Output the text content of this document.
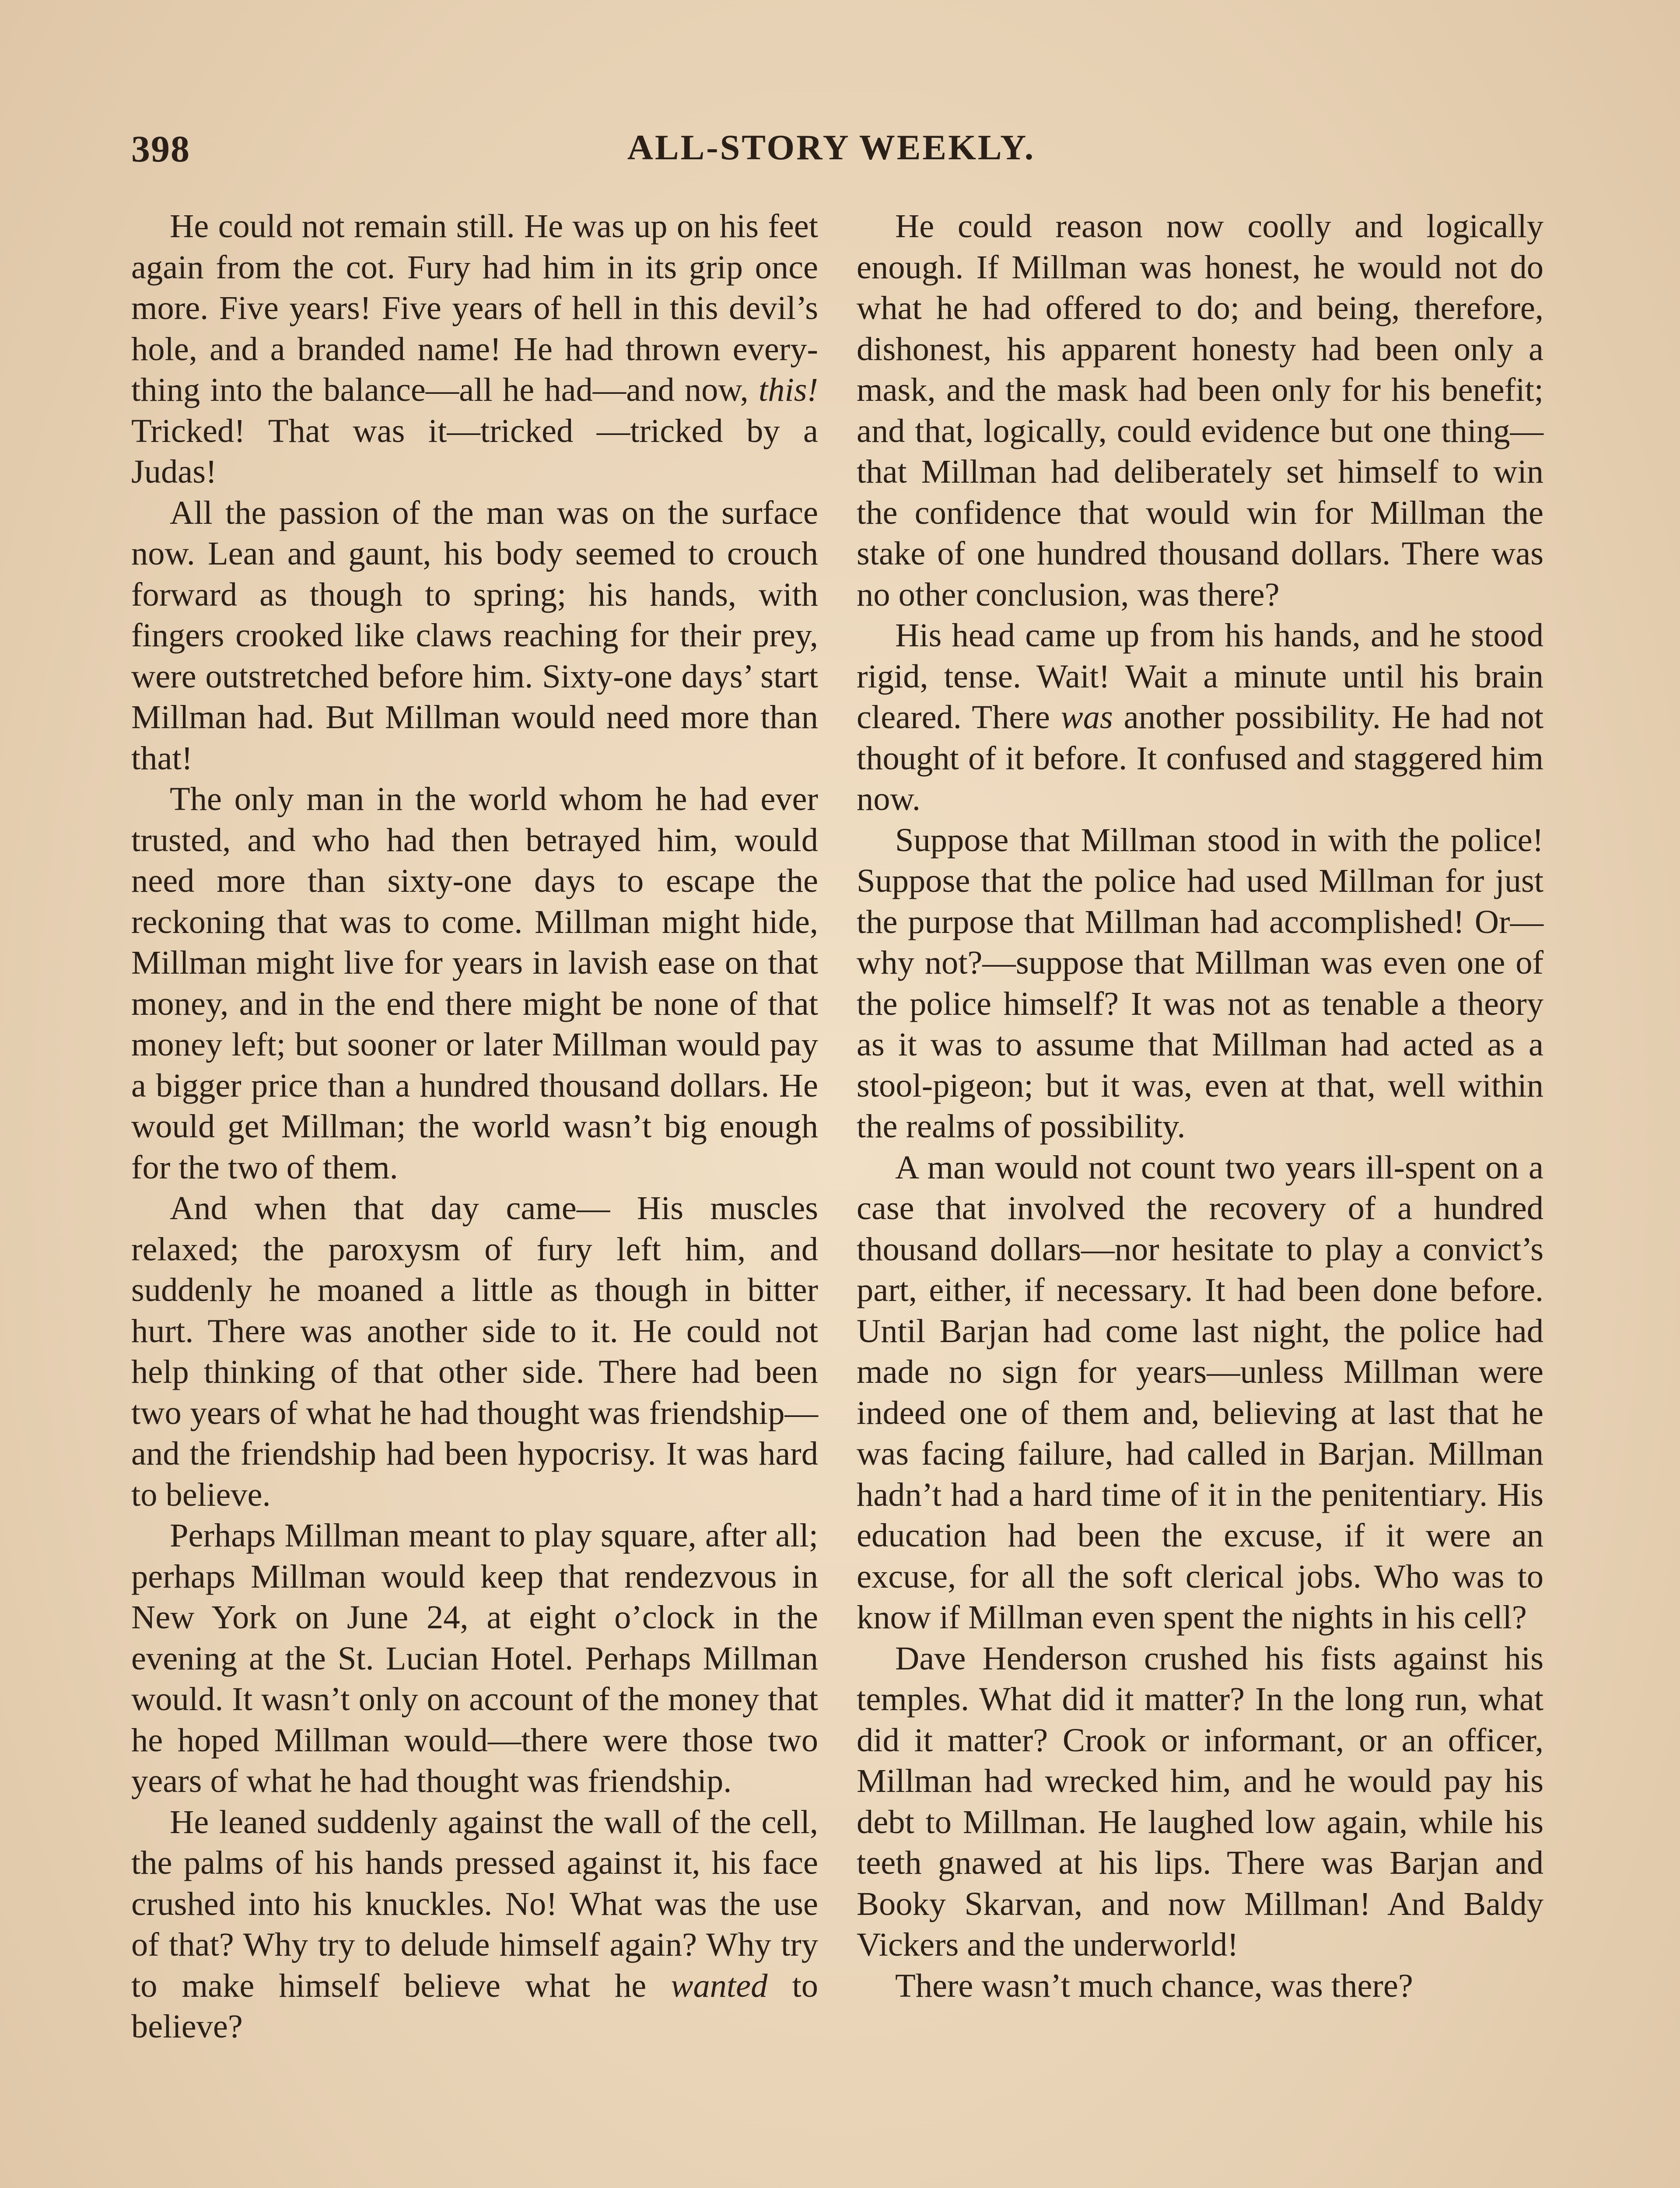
398	ALL-STORY WEEKLY.

He could not remain still. He was up on his feet again from the cot. Fury had him in its grip once more. Five years! Five years of hell in this devil’s hole, and a branded name! He had thrown everything into the balance—all he had—and now, this! Tricked! That was it—tricked —tricked by a Judas!

All the passion of the man was on the surface now. Lean and gaunt, his body seemed to crouch forward as though to spring; his hands, with fingers crooked like claws reaching for their prey, were outstretched before him. Sixty-one days’ start Millman had. But Millman would need more than that!

The only man in the world whom he had ever trusted, and who had then betrayed him, would need more than sixty-one days to escape the reckoning that was to come. Millman might hide, Millman might live for years in lavish ease on that money, and in the end there might be none of that money left; but sooner or later Millman would pay a bigger price than a hundred thousand dollars. He would get Millman; the world wasn’t big enough for the two of them.

And when that day came— His muscles relaxed; the paroxysm of fury left him, and suddenly he moaned a little as though in bitter hurt. There was another side to it. He could not help thinking of that other side. There had been two years of what he had thought was friendship—and the friendship had been hypocrisy. It was hard to believe.

Perhaps Millman meant to play square, after all; perhaps Millman would keep that rendezvous in New York on June 24, at eight o’clock in the evening at the St. Lucian Hotel. Perhaps Millman would. It wasn’t only on account of the money that he hoped Millman would—there were those two years of what he had thought was friendship.

He leaned suddenly against the wall of the cell, the palms of his hands pressed against it, his face crushed into his knuckles. No! What was the use of that? Why try to delude himself again? Why try to make himself believe what he wanted to believe?

He could reason now coolly and logically enough. If Millman was honest, he would not do what he had offered to do; and being, therefore, dishonest, his apparent honesty had been only a mask, and the mask had been only for his benefit; and that, logically, could evidence but one thing—that Millman had deliberately set himself to win the confidence that would win for Millman the stake of one hundred thousand dollars. There was no other conclusion, was there?

His head came up from his hands, and he stood rigid, tense. Wait! Wait a minute until his brain cleared. There was another possibility. He had not thought of it before. It confused and staggered him now.

Suppose that Millman stood in with the police! Suppose that the police had used Millman for just the purpose that Millman had accomplished! Or—why not?—suppose that Millman was even one of the police himself? It was not as tenable a theory as it was to assume that Millman had acted as a stool-pigeon; but it was, even at that, well within the realms of possibility.

A man would not count two years ill-spent on a case that involved the recovery of a hundred thousand dollars—nor hesitate to play a convict’s part, either, if necessary. It had been done before. Until Barjan had come last night, the police had made no sign for years—unless Millman were indeed one of them and, believing at last that he was facing failure, had called in Barjan. Millman hadn’t had a hard time of it in the penitentiary. His education had been the excuse, if it were an excuse, for all the soft clerical jobs. Who was to know if Millman even spent the nights in his cell?

Dave Henderson crushed his fists against his temples. What did it matter? In the long run, what did it matter? Crook or informant, or an officer, Millman had wrecked him, and he would pay his debt to Millman. He laughed low again, while his teeth gnawed at his lips. There was Barjan and Booky Skarvan, and now Millman! And Baldy Vickers and the underworld!

There wasn’t much chance, was there?
